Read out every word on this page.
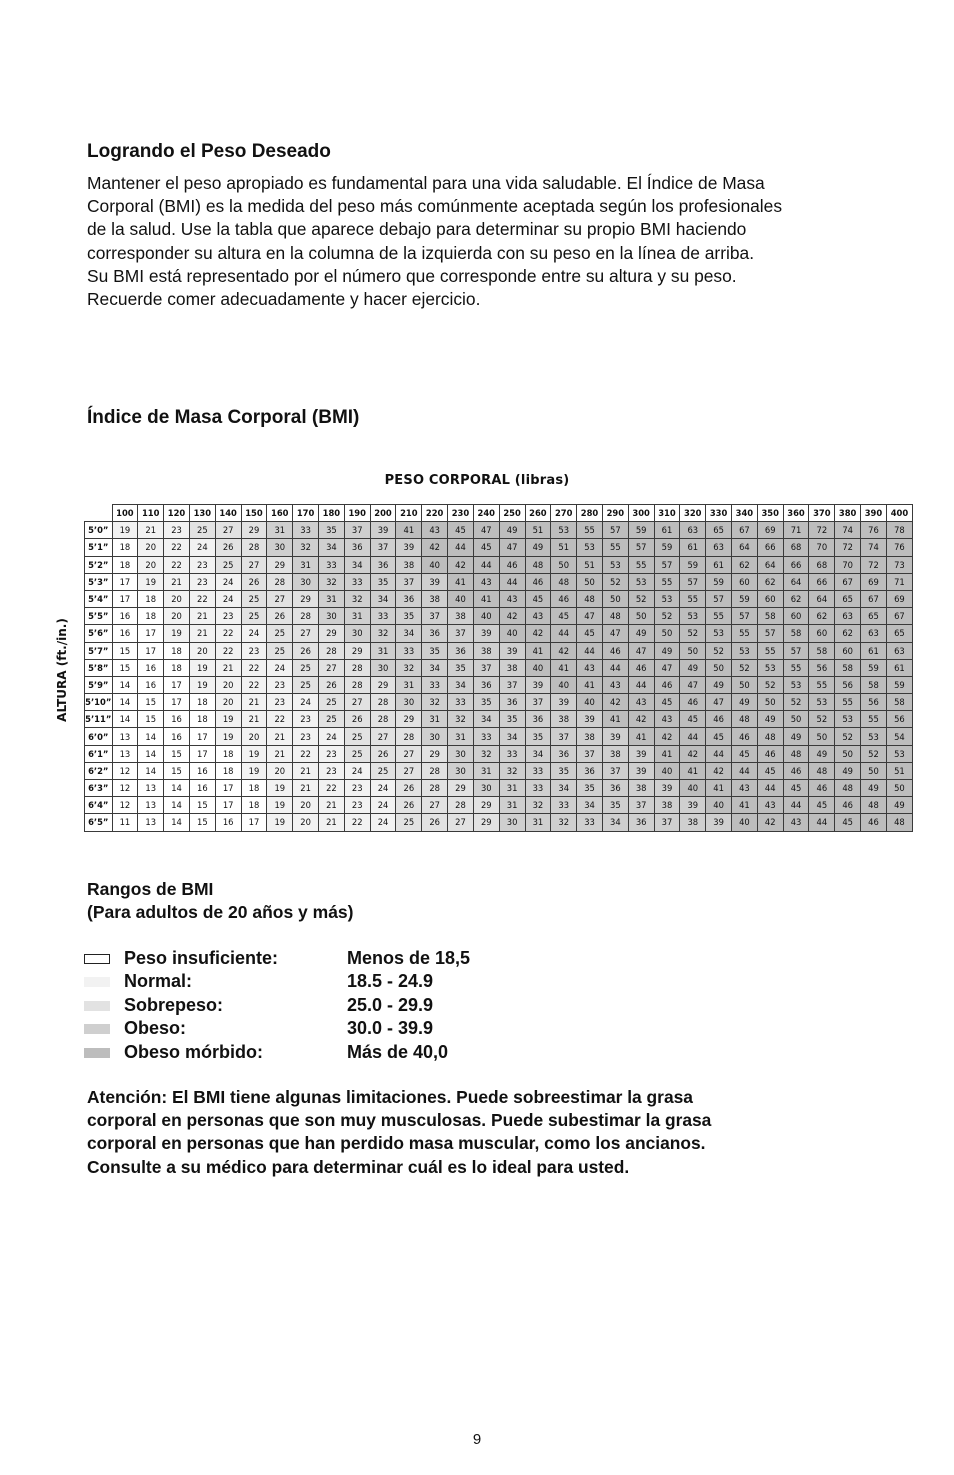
Logrando el Peso Deseado

Mantener el peso apropiado es fundamental para una vida saludable. El Índice de Masa

Corporal (BMI) es la medida del peso más comúnmente aceptada según los profesionales

de la salud. Use la tabla que aparece debajo para determinar su propio BMI haciendo

corresponder su altura en la columna de la izquierda con su peso en la línea de arriba.

Su BMI está representado por el número que corresponde entre su altura y su peso.

Recuerde comer adecuadamente y hacer ejercicio.

Índice de Masa Corporal (BMI)
PESO CORPORAL (libras)
ALTURA (ft./in.)
	100	110	120	130	140	150	160	170	180	190	200	210	220	230	240	250	260	270	280	290	300	310	320	330	340	350	360	370	380	390	400
5’0”	19	21	23	25	27	29	31	33	35	37	39	41	43	45	47	49	51	53	55	57	59	61	63	65	67	69	71	72	74	76	78
5’1”	18	20	22	24	26	28	30	32	34	36	37	39	42	44	45	47	49	51	53	55	57	59	61	63	64	66	68	70	72	74	76
5’2”	18	20	22	23	25	27	29	31	33	34	36	38	40	42	44	46	48	50	51	53	55	57	59	61	62	64	66	68	70	72	73
5’3”	17	19	21	23	24	26	28	30	32	33	35	37	39	41	43	44	46	48	50	52	53	55	57	59	60	62	64	66	67	69	71
5’4”	17	18	20	22	24	25	27	29	31	32	34	36	38	40	41	43	45	46	48	50	52	53	55	57	59	60	62	64	65	67	69
5’5”	16	18	20	21	23	25	26	28	30	31	33	35	37	38	40	42	43	45	47	48	50	52	53	55	57	58	60	62	63	65	67
5’6”	16	17	19	21	22	24	25	27	29	30	32	34	36	37	39	40	42	44	45	47	49	50	52	53	55	57	58	60	62	63	65
5’7”	15	17	18	20	22	23	25	26	28	29	31	33	35	36	38	39	41	42	44	46	47	49	50	52	53	55	57	58	60	61	63
5’8”	15	16	18	19	21	22	24	25	27	28	30	32	34	35	37	38	40	41	43	44	46	47	49	50	52	53	55	56	58	59	61
5’9”	14	16	17	19	20	22	23	25	26	28	29	31	33	34	36	37	39	40	41	43	44	46	47	49	50	52	53	55	56	58	59
5’10”	14	15	17	18	20	21	23	24	25	27	28	30	32	33	35	36	37	39	40	42	43	45	46	47	49	50	52	53	55	56	58
5’11”	14	15	16	18	19	21	22	23	25	26	28	29	31	32	34	35	36	38	39	41	42	43	45	46	48	49	50	52	53	55	56
6’0”	13	14	16	17	19	20	21	23	24	25	27	28	30	31	33	34	35	37	38	39	41	42	44	45	46	48	49	50	52	53	54
6’1”	13	14	15	17	18	19	21	22	23	25	26	27	29	30	32	33	34	36	37	38	39	41	42	44	45	46	48	49	50	52	53
6’2”	12	14	15	16	18	19	20	21	23	24	25	27	28	30	31	32	33	35	36	37	39	40	41	42	44	45	46	48	49	50	51
6’3”	12	13	14	16	17	18	19	21	22	23	24	26	28	29	30	31	33	34	35	36	38	39	40	41	43	44	45	46	48	49	50
6’4”	12	13	14	15	17	18	19	20	21	23	24	26	27	28	29	31	32	33	34	35	37	38	39	40	41	43	44	45	46	48	49
6’5”	11	13	14	15	16	17	19	20	21	22	24	25	26	27	29	30	31	32	33	34	36	37	38	39	40	42	43	44	45	46	48
Rangos de BMI
(Para adultos de 20 años y más)
Peso insuficiente:	Menos de 18,5
Normal:	18.5 - 24.9
Sobrepeso:	25.0 - 29.9
Obeso:	30.0 - 39.9
Obeso mórbido:	Más de 40,0
Atención: El BMI tiene algunas limitaciones. Puede sobreestimar la grasa
corporal en personas que son muy musculosas. Puede subestimar la grasa
corporal en personas que han perdido masa muscular, como los ancianos.
Consulte a su médico para determinar cuál es lo ideal para usted.
9
